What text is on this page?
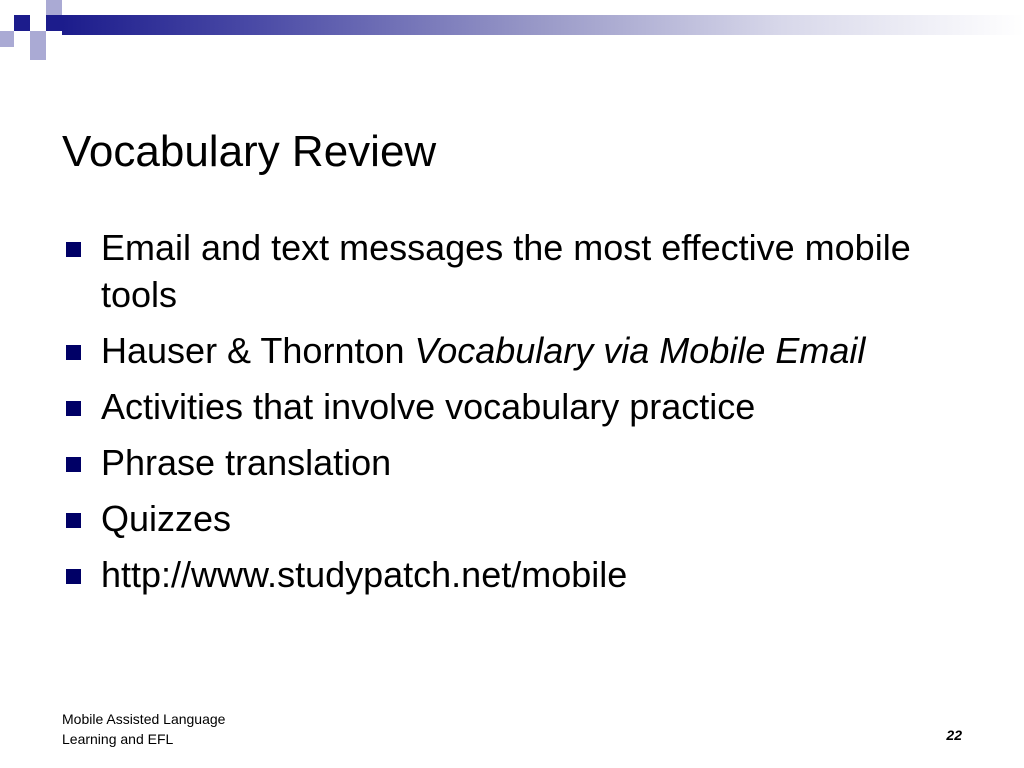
Vocabulary Review
Email and text messages the most effective mobile tools
Hauser & Thornton Vocabulary via Mobile Email
Activities that involve vocabulary practice
Phrase translation
Quizzes
http://www.studypatch.net/mobile
Mobile Assisted Language
Learning and EFL	22
